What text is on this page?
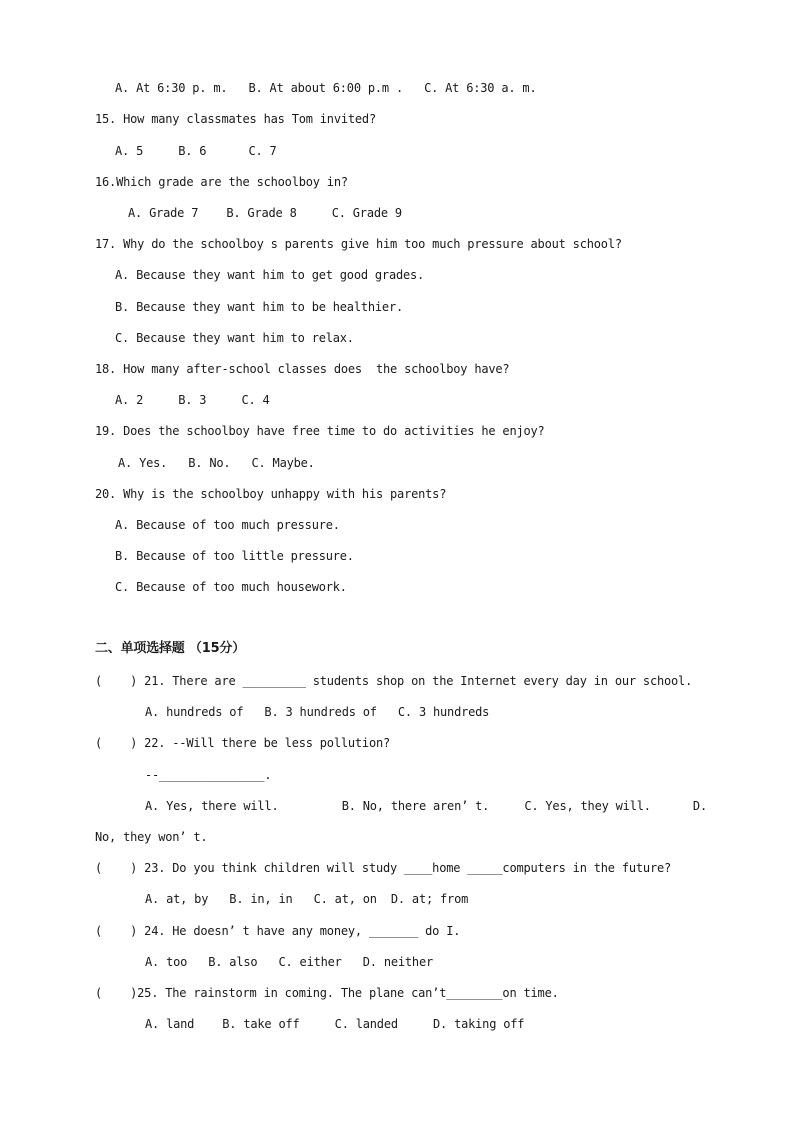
A. At 6:30 p. m.   B. At about 6:00 p.m .   C. At 6:30 a. m.
15. How many classmates has Tom invited?
A. 5     B. 6      C. 7
16.Which grade are the schoolboy in?
A. Grade 7    B. Grade 8     C. Grade 9
17. Why do the schoolboy s parents give him too much pressure about school?
A. Because they want him to get good grades.
B. Because they want him to be healthier.
C. Because they want him to relax.
18. How many after-school classes does  the schoolboy have?
A. 2     B. 3     C. 4
19. Does the schoolboy have free time to do activities he enjoy?
A. Yes.   B. No.   C. Maybe.
20. Why is the schoolboy unhappy with his parents?
A. Because of too much pressure.
B. Because of too little pressure.
C. Because of too much housework.
二、单项选择题 （15分）
(    ) 21. There are _________ students shop on the Internet every day in our school.
A. hundreds of   B. 3 hundreds of   C. 3 hundreds
(    ) 22. --Will there be less pollution?
--_______________.
A. Yes, there will.         B. No, there aren’ t.     C. Yes, they will.      D.
No, they won’ t.
(    ) 23. Do you think children will study ____home _____computers in the future?
A. at, by   B. in, in   C. at, on  D. at; from
(    ) 24. He doesn’ t have any money, _______ do I.
A. too   B. also   C. either   D. neither
(    )25. The rainstorm in coming. The plane can’t________on time.
A. land    B. take off     C. landed     D. taking off
